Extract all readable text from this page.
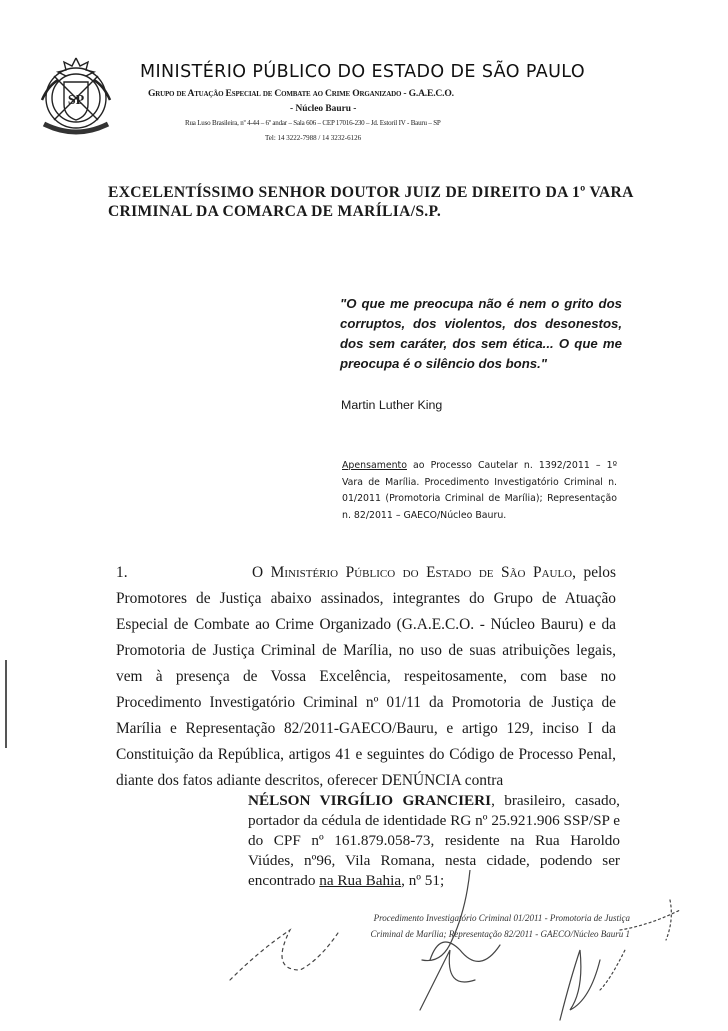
SP
MINISTÉRIO PÚBLICO DO ESTADO DE SÃO PAULO
Grupo de Atuação Especial de Combate ao Crime Organizado - G.A.E.C.O.
- Núcleo Bauru -
Rua Luso Brasileira, nº 4-44 – 6º andar – Sala 606 – CEP 17016-230 – Jd. Estoril IV - Bauru – SP
Tel: 14 3222-7988 / 14 3232-6126
EXCELENTÍSSIMO SENHOR DOUTOR JUIZ DE DIREITO DA 1º VARA CRIMINAL DA COMARCA DE MARÍLIA/S.P.
"O que me preocupa não é nem o grito dos corruptos, dos violentos, dos desonestos, dos sem caráter, dos sem ética... O que me preocupa é o silêncio dos bons."
Martin Luther King
Apensamento ao Processo Cautelar n. 1392/2011 – 1º Vara de Marília. Procedimento Investigatório Criminal n. 01/2011 (Promotoria Criminal de Marília); Representação n. 82/2011 – GAECO/Núcleo Bauru.
1.	O Ministério Público do Estado de São Paulo, pelos Promotores de Justiça abaixo assinados, integrantes do Grupo de Atuação Especial de Combate ao Crime Organizado (G.A.E.C.O. - Núcleo Bauru) e da Promotoria de Justiça Criminal de Marília, no uso de suas atribuições legais, vem à presença de Vossa Excelência, respeitosamente, com base no Procedimento Investigatório Criminal nº 01/11 da Promotoria de Justiça de Marília e Representação 82/2011-GAECO/Bauru, e artigo 129, inciso I da Constituição da República, artigos 41 e seguintes do Código de Processo Penal, diante dos fatos adiante descritos, oferecer DENÚNCIA contra
NÉLSON VIRGÍLIO GRANCIERI, brasileiro, casado, portador da cédula de identidade RG nº 25.921.906 SSP/SP e do CPF nº 161.879.058-73, residente na Rua Haroldo Viúdes, nº96, Vila Romana, nesta cidade, podendo ser encontrado na Rua Bahia, nº 51;
Procedimento Investigatório Criminal 01/2011 - Promotoria de Justiça
Criminal de Marília; Representação 82/2011 - GAECO/Núcleo Bauru 1
